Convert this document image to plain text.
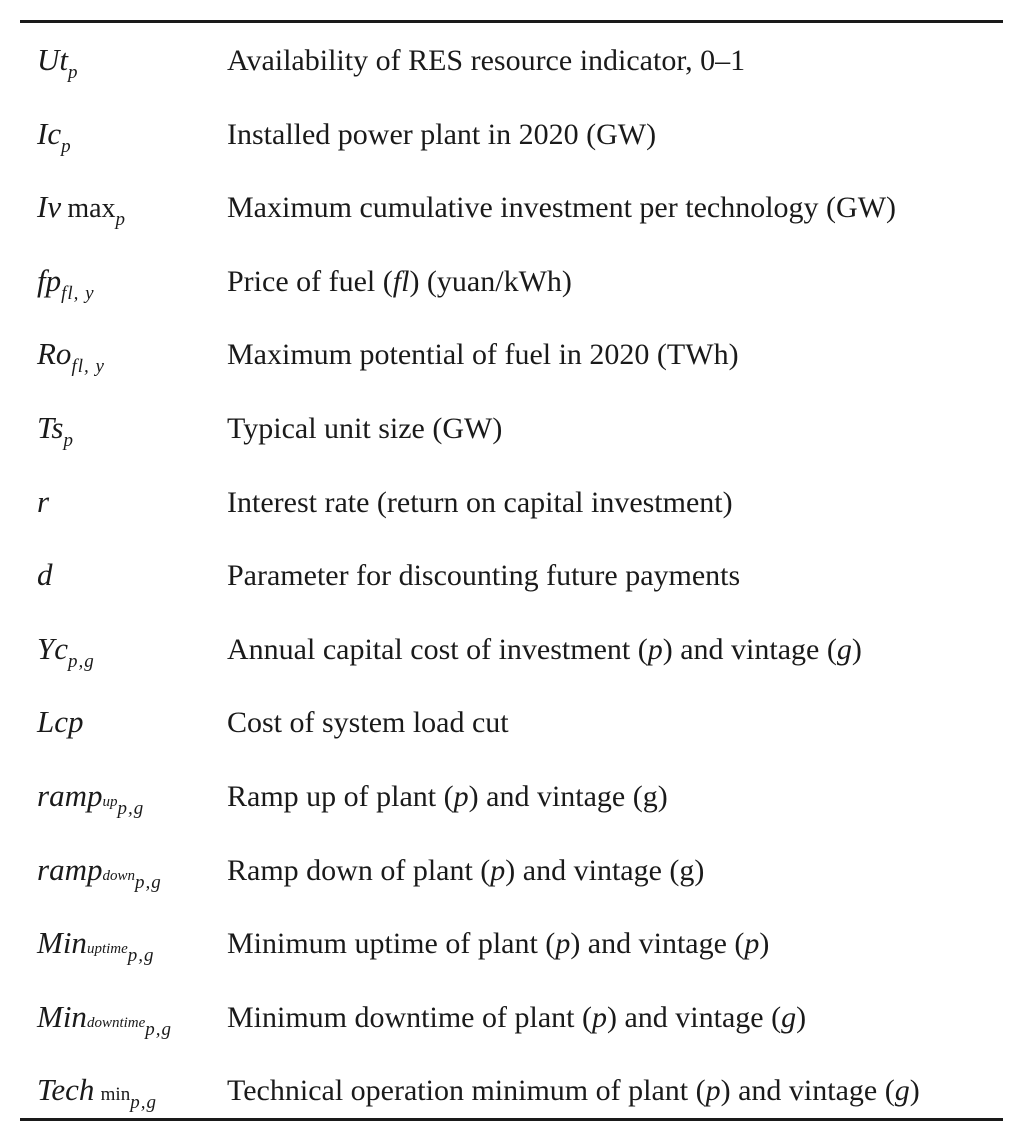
$Ut_p$	Availability of RES resource indicator, 0–1
$Ic_p$	Installed power plant in 2020 (GW)
Iv  $\max_p$	Maximum cumulative investment per technology (GW)
$fp_{fl, y}$	Price of fuel (fl) (yuan/kWh)
$Ro_{fl, y}$	Maximum potential of fuel in 2020 (TWh)
$Ts_p$	Typical unit size (GW)
r	Interest rate (return on capital investment)
d	Parameter for discounting future payments
$Yc_{p,g}$	Annual capital cost of investment (p) and vintage (g)
Lcp	Cost of system load cut
rampup$_{p,g}$	Ramp up of plant (p) and vintage (g)
rampdown$_{p,g}$ Ramp down of plant (p) and vintage (g)
Minuptime$_{p,g}$ Minimum uptime of plant (p) and vintage (p)
Mindowntime$_{p,g}$ Minimum downtime of plant (p) and vintage (g)
Tech  $\min_{p,g}$ Technical operation minimum of plant (p) and vintage (g)
